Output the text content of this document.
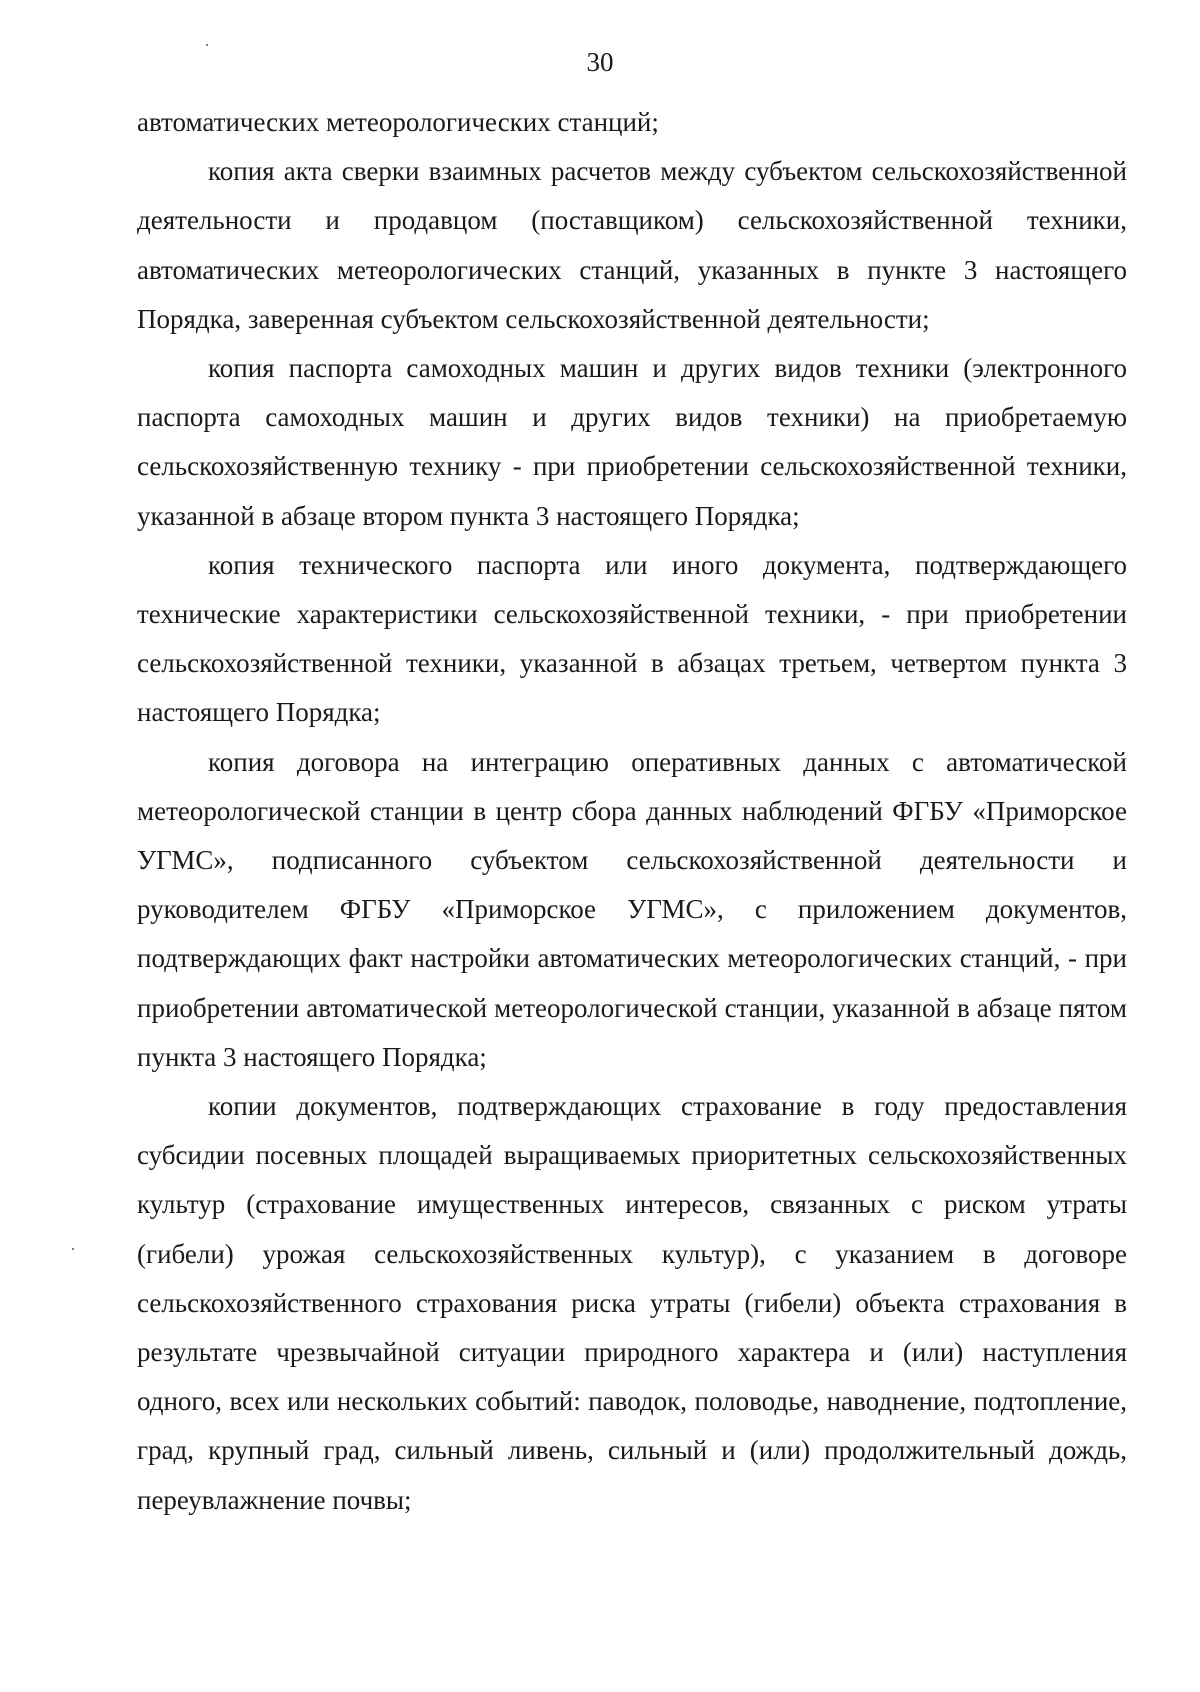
30

автоматических метеорологических станций;

копия акта сверки взаимных расчетов между субъектом сельскохозяйственной деятельности и продавцом (поставщиком) сельскохозяйственной техники, автоматических метеорологических станций, указанных в пункте 3 настоящего Порядка, заверенная субъектом сельскохозяйственной деятельности;

копия паспорта самоходных машин и других видов техники (электронного паспорта самоходных машин и других видов техники) на приобретаемую сельскохозяйственную технику - при приобретении сельскохозяйственной техники, указанной в абзаце втором пункта 3 настоящего Порядка;

копия технического паспорта или иного документа, подтверждающего технические характеристики сельскохозяйственной техники, - при приобретении сельскохозяйственной техники, указанной в абзацах третьем, четвертом пункта 3 настоящего Порядка;

копия договора на интеграцию оперативных данных с автоматической метеорологической станции в центр сбора данных наблюдений ФГБУ «Приморское УГМС», подписанного субъектом сельскохозяйственной деятельности и руководителем ФГБУ «Приморское УГМС», с приложением документов, подтверждающих факт настройки автоматических метеорологических станций, - при приобретении автоматической метеорологической станции, указанной в абзаце пятом пункта 3 настоящего Порядка;

копии документов, подтверждающих страхование в году предоставления субсидии посевных площадей выращиваемых приоритетных сельскохозяйственных культур (страхование имущественных интересов, связанных с риском утраты (гибели) урожая сельскохозяйственных культур), с указанием в договоре сельскохозяйственного страхования риска утраты (гибели) объекта страхования в результате чрезвычайной ситуации природного характера и (или) наступления одного, всех или нескольких событий: паводок, половодье, наводнение, подтопление, град, крупный град, сильный ливень, сильный и (или) продолжительный дождь, переувлажнение почвы;
